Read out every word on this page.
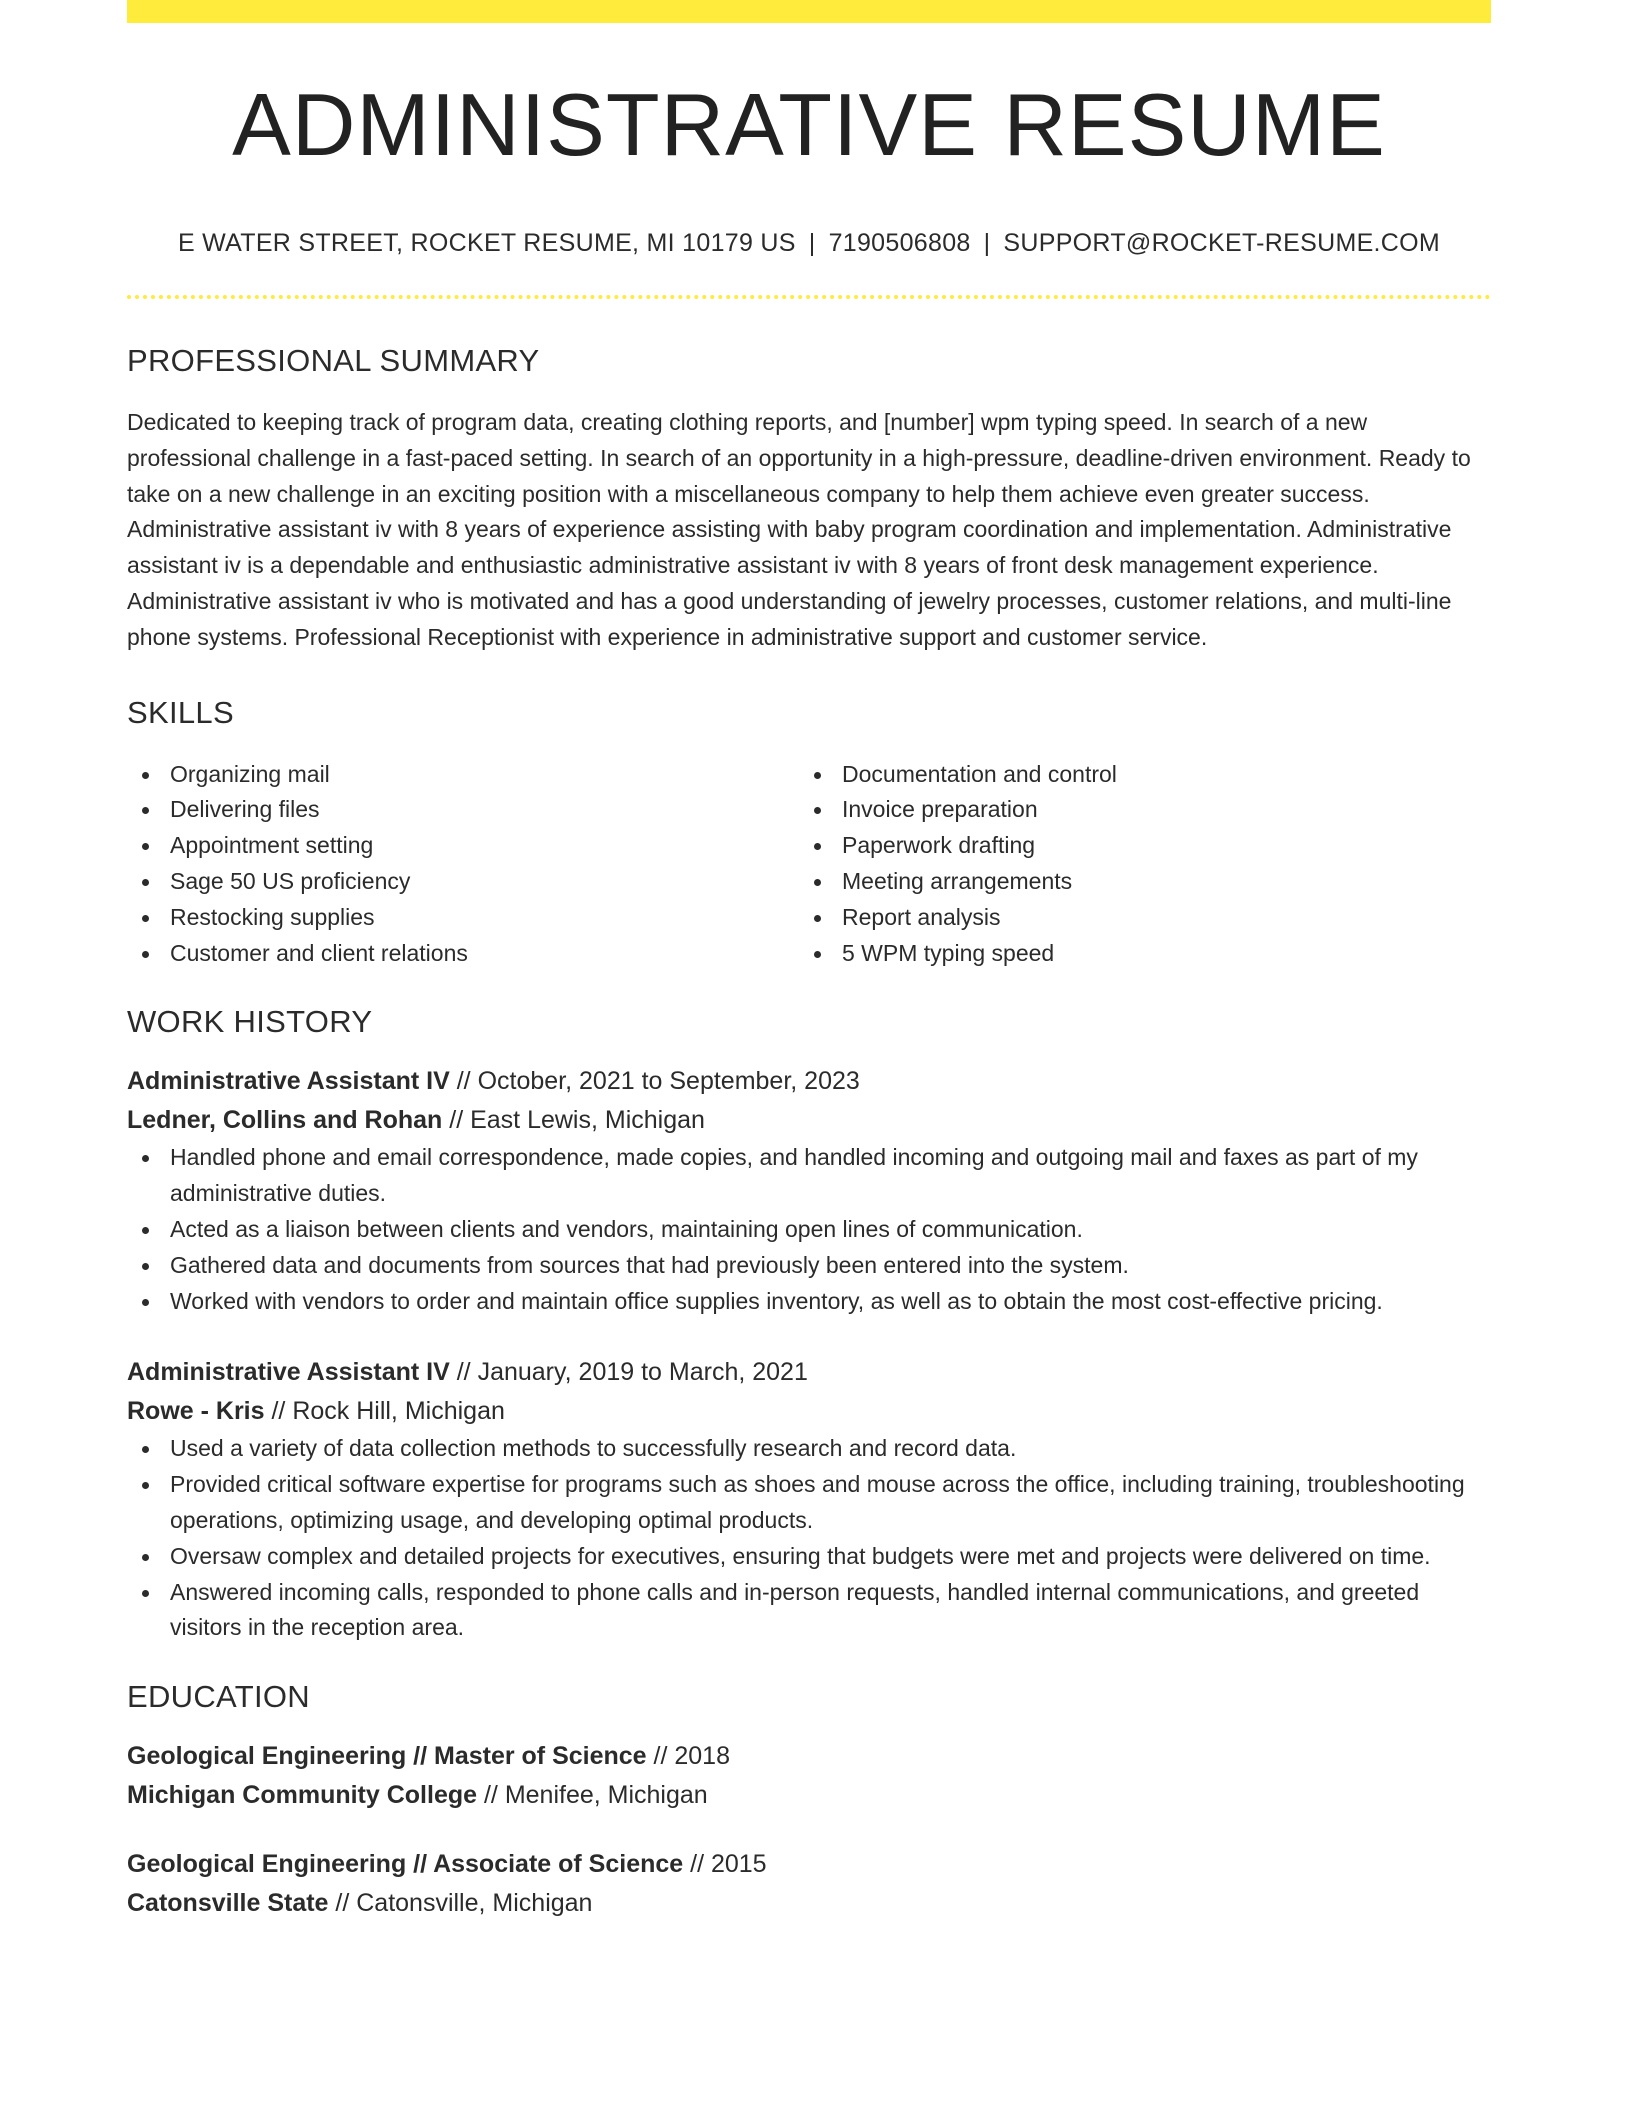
ADMINISTRATIVE RESUME
E WATER STREET, ROCKET RESUME, MI 10179 US | 7190506808 | SUPPORT@ROCKET-RESUME.COM
PROFESSIONAL SUMMARY

Dedicated to keeping track of program data, creating clothing reports, and [number] wpm typing speed. In search of a new professional challenge in a fast-paced setting. In search of an opportunity in a high-pressure, deadline-driven environment. Ready to take on a new challenge in an exciting position with a miscellaneous company to help them achieve even greater success. Administrative assistant iv with 8 years of experience assisting with baby program coordination and implementation. Administrative assistant iv is a dependable and enthusiastic administrative assistant iv with 8 years of front desk management experience. Administrative assistant iv who is motivated and has a good understanding of jewelry processes, customer relations, and multi-line phone systems. Professional Receptionist with experience in administrative support and customer service.

SKILLS
Organizing mail
Delivering files
Appointment setting
Sage 50 US proficiency
Restocking supplies
Customer and client relations
Documentation and control
Invoice preparation
Paperwork drafting
Meeting arrangements
Report analysis
5 WPM typing speed
WORK HISTORY
Administrative Assistant IV // October, 2021 to September, 2023
Ledner, Collins and Rohan // East Lewis, Michigan
Handled phone and email correspondence, made copies, and handled incoming and outgoing mail and faxes as part of my administrative duties.
Acted as a liaison between clients and vendors, maintaining open lines of communication.
Gathered data and documents from sources that had previously been entered into the system.
Worked with vendors to order and maintain office supplies inventory, as well as to obtain the most cost-effective pricing.
Administrative Assistant IV // January, 2019 to March, 2021
Rowe - Kris // Rock Hill, Michigan
Used a variety of data collection methods to successfully research and record data.
Provided critical software expertise for programs such as shoes and mouse across the office, including training, troubleshooting operations, optimizing usage, and developing optimal products.
Oversaw complex and detailed projects for executives, ensuring that budgets were met and projects were delivered on time.
Answered incoming calls, responded to phone calls and in-person requests, handled internal communications, and greeted visitors in the reception area.
EDUCATION
Geological Engineering // Master of Science // 2018
Michigan Community College // Menifee, Michigan
Geological Engineering // Associate of Science // 2015
Catonsville State // Catonsville, Michigan
